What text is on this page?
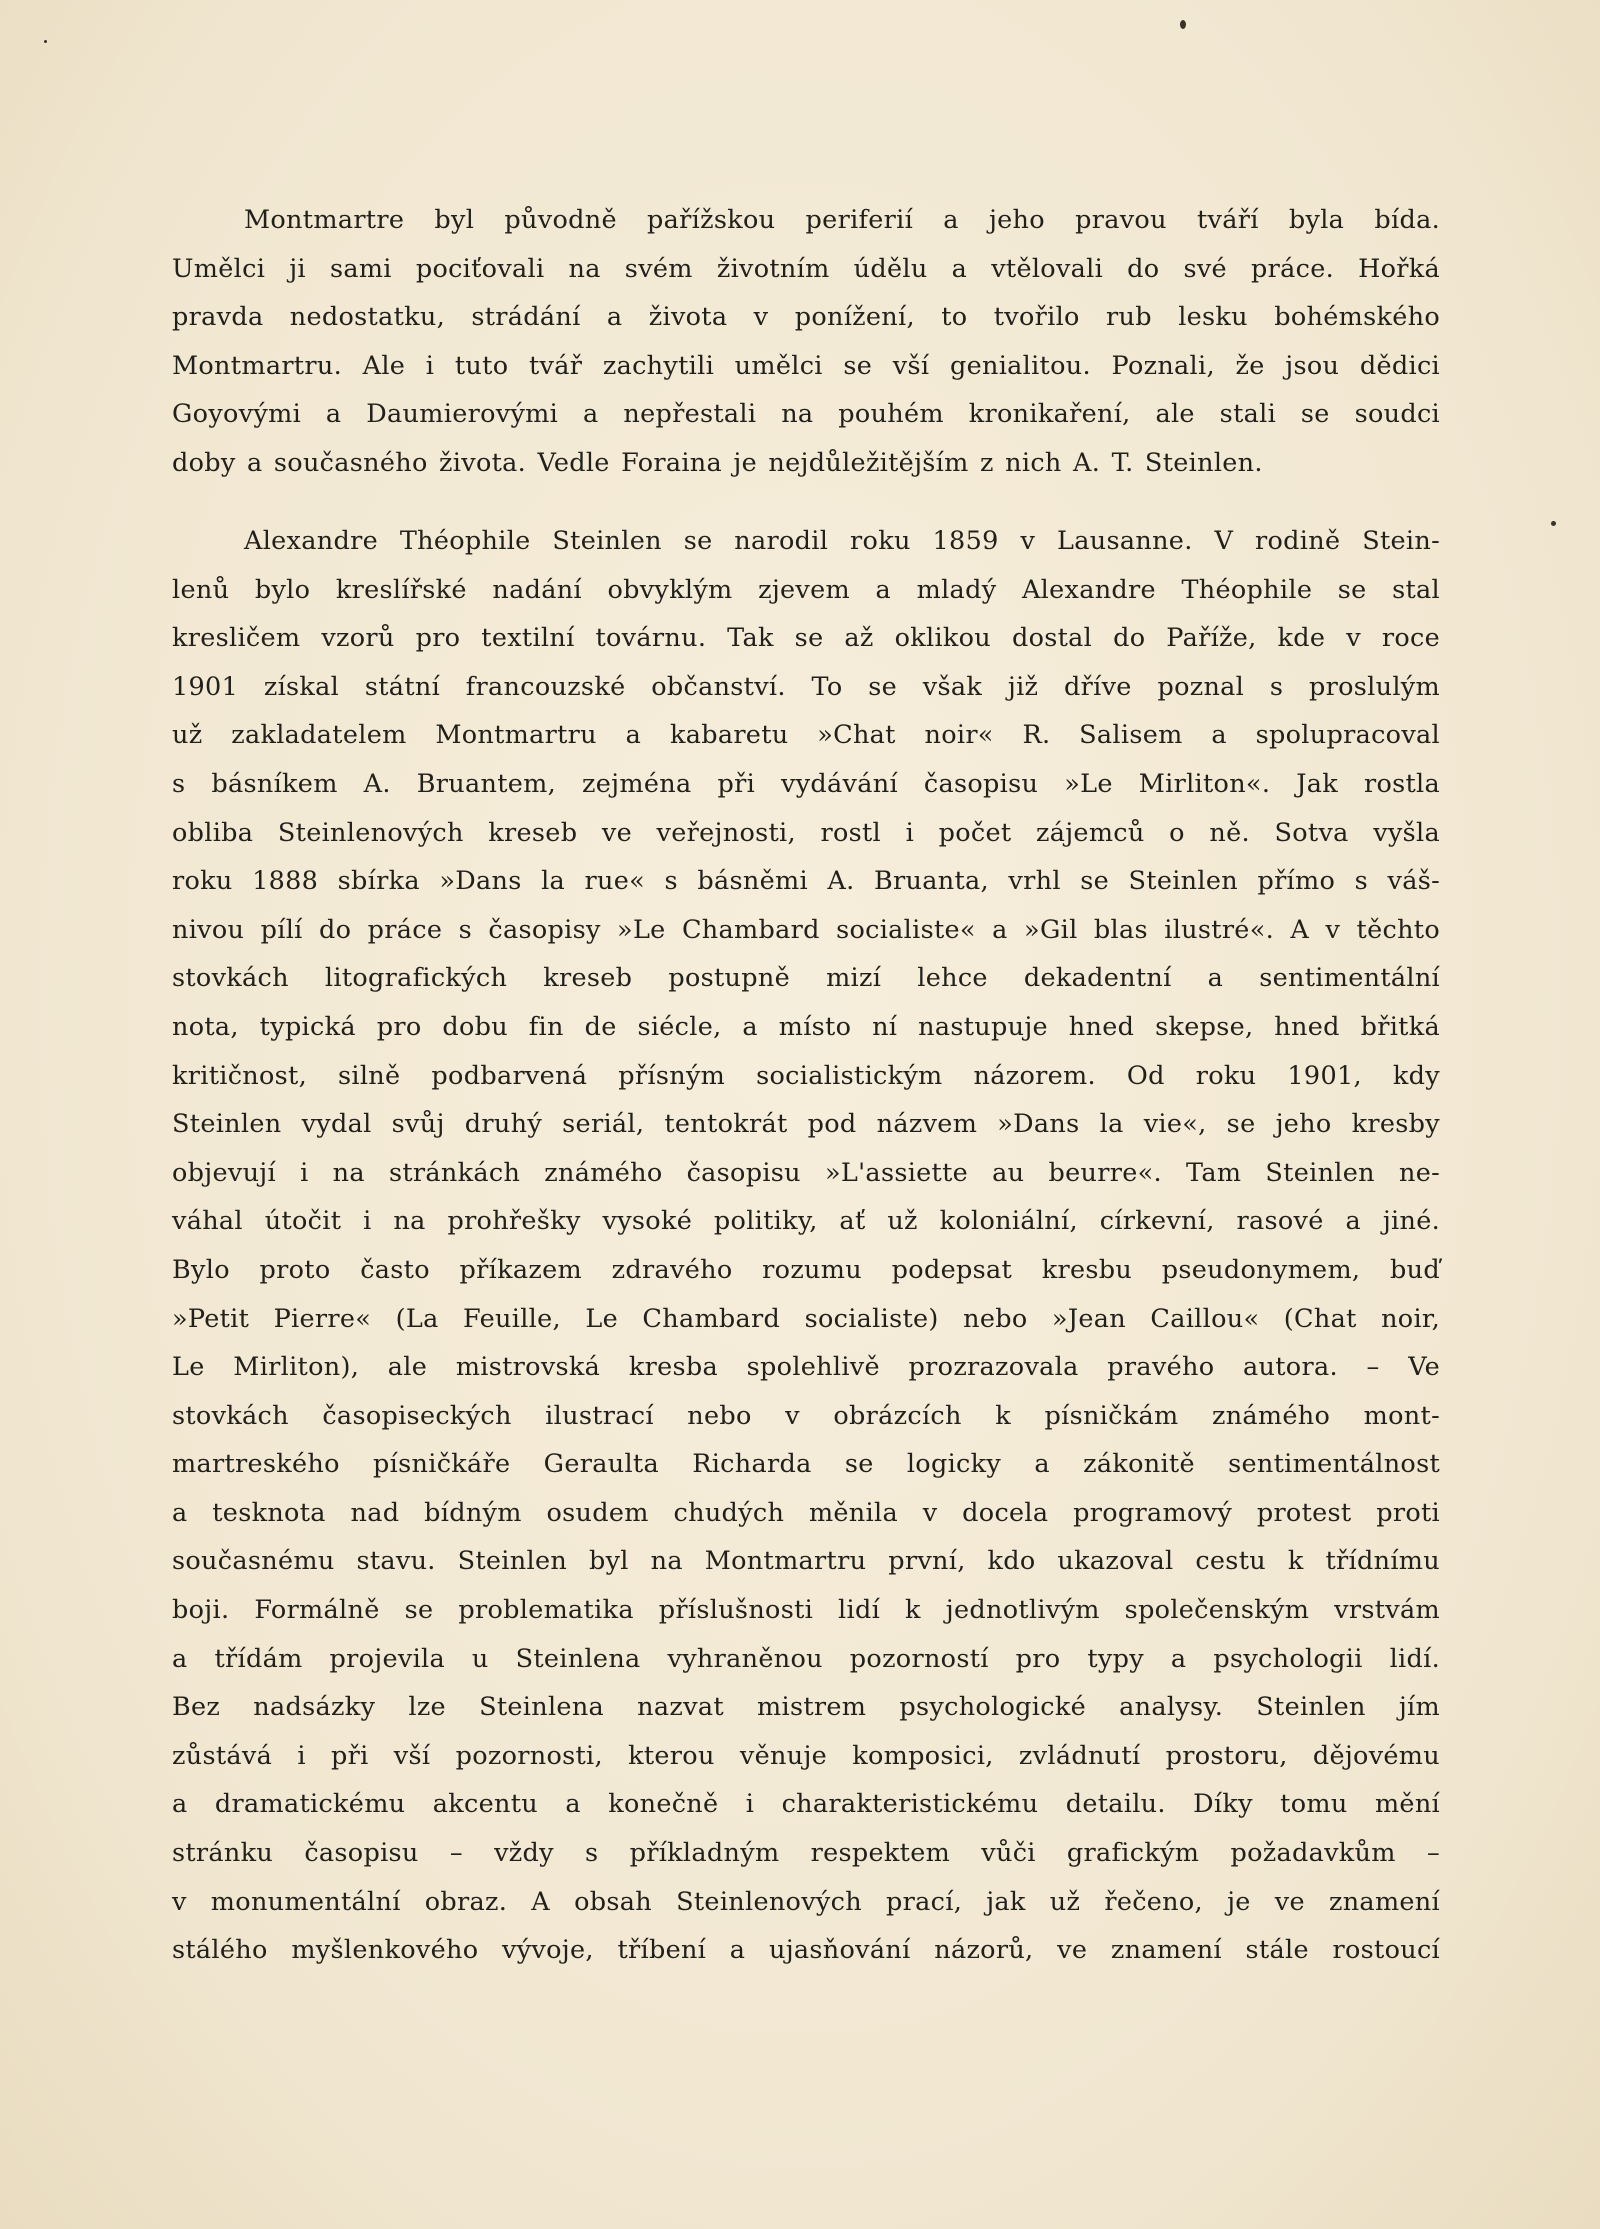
Montmartre byl původně pařížskou periferií a jeho pravou tváří byla bída.
Umělci ji sami pociťovali na svém životním údělu a vtělovali do své práce. Hořká
pravda nedostatku, strádání a života v ponížení, to tvořilo rub lesku bohémského
Montmartru. Ale i tuto tvář zachytili umělci se vší genialitou. Poznali, že jsou dědici
Goyovými a Daumierovými a nepřestali na pouhém kronikaření, ale stali se soudci
doby a současného života. Vedle Foraina je nejdůležitějším z nich A. T. Steinlen.
Alexandre Théophile Steinlen se narodil roku 1859 v Lausanne. V rodině Stein-
lenů bylo kreslířské nadání obvyklým zjevem a mladý Alexandre Théophile se stal
kresličem vzorů pro textilní továrnu. Tak se až oklikou dostal do Paříže, kde v roce
1901 získal státní francouzské občanství. To se však již dříve poznal s proslulým
už zakladatelem Montmartru a kabaretu »Chat noir« R. Salisem a spolupracoval
s básníkem A. Bruantem, zejména při vydávání časopisu »Le Mirliton«. Jak rostla
obliba Steinlenových kreseb ve veřejnosti, rostl i počet zájemců o ně. Sotva vyšla
roku 1888 sbírka »Dans la rue« s básněmi A. Bruanta, vrhl se Steinlen přímo s váš-
nivou pílí do práce s časopisy »Le Chambard socialiste« a »Gil blas ilustré«. A v těchto
stovkách litografických kreseb postupně mizí lehce dekadentní a sentimentální
nota, typická pro dobu fin de siécle, a místo ní nastupuje hned skepse, hned břitká
kritičnost, silně podbarvená přísným socialistickým názorem. Od roku 1901, kdy
Steinlen vydal svůj druhý seriál, tentokrát pod názvem »Dans la vie«, se jeho kresby
objevují i na stránkách známého časopisu »L'assiette au beurre«. Tam Steinlen ne-
váhal útočit i na prohřešky vysoké politiky, ať už koloniální, církevní, rasové a jiné.
Bylo proto často příkazem zdravého rozumu podepsat kresbu pseudonymem, buď
»Petit Pierre« (La Feuille, Le Chambard socialiste) nebo »Jean Caillou« (Chat noir,
Le Mirliton), ale mistrovská kresba spolehlivě prozrazovala pravého autora. – Ve
stovkách časopiseckých ilustrací nebo v obrázcích k písničkám známého mont-
martreského písničkáře Geraulta Richarda se logicky a zákonitě sentimentálnost
a tesknota nad bídným osudem chudých měnila v docela programový protest proti
současnému stavu. Steinlen byl na Montmartru první, kdo ukazoval cestu k třídnímu
boji. Formálně se problematika příslušnosti lidí k jednotlivým společenským vrstvám
a třídám projevila u Steinlena vyhraněnou pozorností pro typy a psychologii lidí.
Bez nadsázky lze Steinlena nazvat mistrem psychologické analysy. Steinlen jím
zůstává i při vší pozornosti, kterou věnuje komposici, zvládnutí prostoru, dějovému
a dramatickému akcentu a konečně i charakteristickému detailu. Díky tomu mění
stránku časopisu – vždy s příkladným respektem vůči grafickým požadavkům –
v monumentální obraz. A obsah Steinlenových prací, jak už řečeno, je ve znamení
stálého myšlenkového vývoje, tříbení a ujasňování názorů, ve znamení stále rostoucí
